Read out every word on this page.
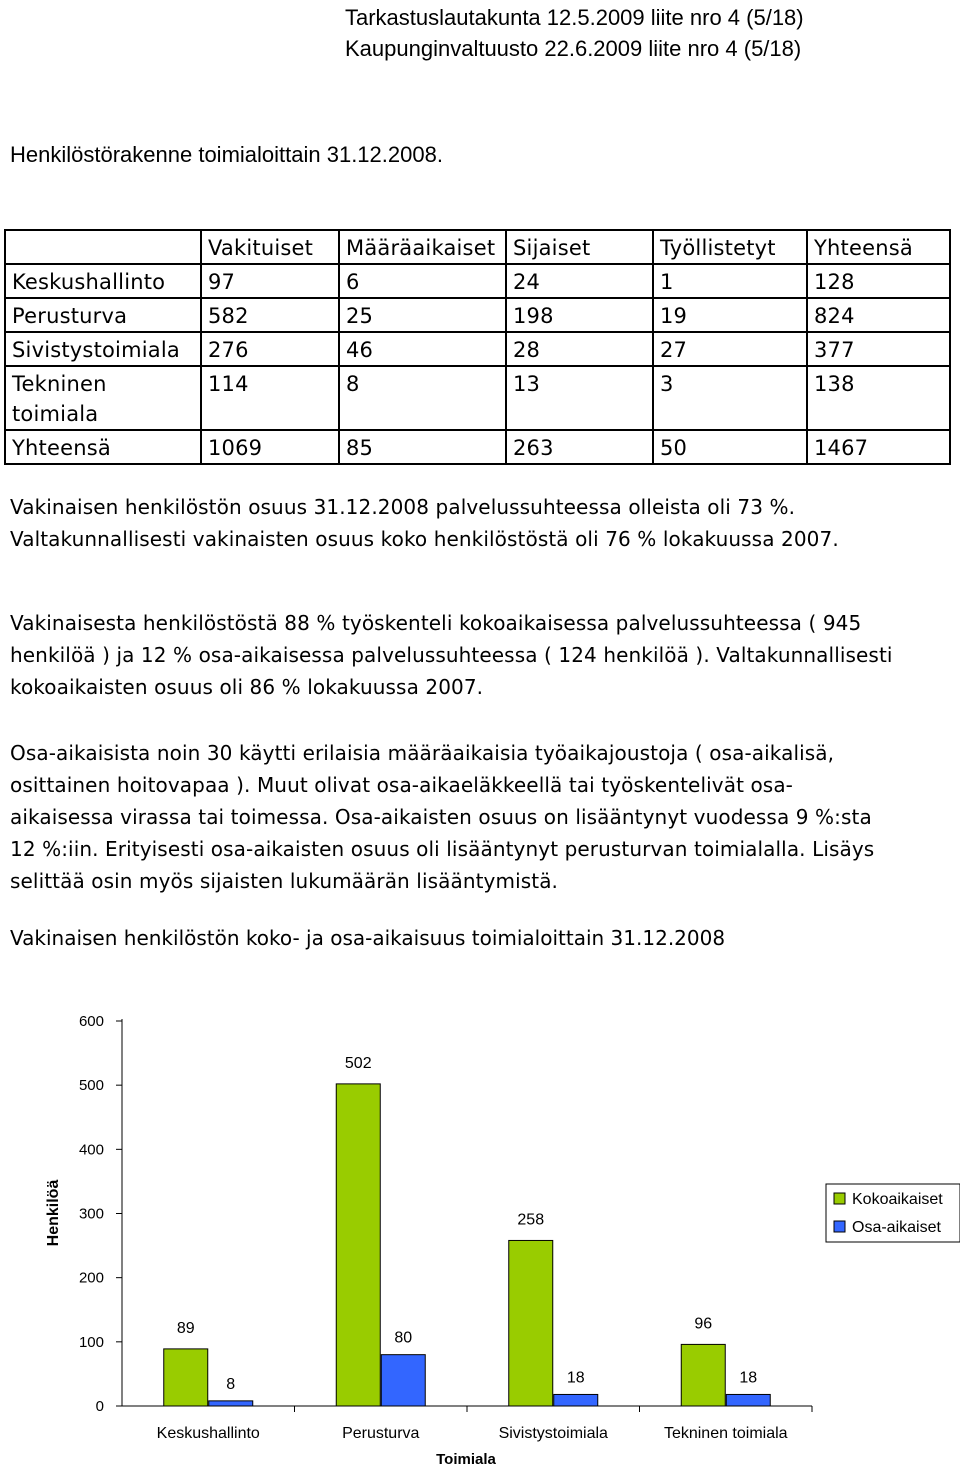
Tarkastuslautakunta 12.5.2009 liite nro 4 (5/18)
Kaupunginvaltuusto 22.6.2009 liite nro 4 (5/18)
Henkilöstörakenne toimialoittain 31.12.2008.
	Vakituiset	Määräaikaiset	Sijaiset	Työllistetyt	Yhteensä
Keskushallinto	97	6	24	1	128
Perusturva	582	25	198	19	824
Sivistystoimiala	276	46	28	27	377
Tekninen toimiala	114	8	13	3	138
Yhteensä	1069	85	263	50	1467
Vakinaisen henkilöstön osuus 31.12.2008 palvelussuhteessa olleista oli 73 %.
Valtakunnallisesti vakinaisten osuus koko henkilöstöstä oli 76 % lokakuussa 2007.
Vakinaisesta henkilöstöstä 88 % työskenteli kokoaikaisessa palvelussuhteessa ( 945
henkilöä ) ja 12 % osa-aikaisessa palvelussuhteessa ( 124 henkilöä ). Valtakunnallisesti
kokoaikaisten osuus oli 86 % lokakuussa 2007.
Osa-aikaisista noin 30 käytti erilaisia määräaikaisia työaikajoustoja ( osa-aikalisä,
osittainen hoitovapaa ). Muut olivat osa-aikaeläkkeellä tai työskentelivät osa-
aikaisessa virassa tai toimessa. Osa-aikaisten osuus on lisääntynyt vuodessa 9 %:sta
12 %:iin. Erityisesti osa-aikaisten osuus oli lisääntynyt perusturvan toimialalla. Lisäys
selittää osin myös sijaisten lukumäärän lisääntymistä.
Vakinaisen henkilöstön koko- ja osa-aikaisuus toimialoittain 31.12.2008
0
100
200
300
400
500
600
Keskushallinto	Perusturva	Sivistystoimiala	Tekninen toimiala
Toimiala
Henkilöä
89
8
502
80
258
18
96
18
Kokoaikaiset
Osa-aikaiset
